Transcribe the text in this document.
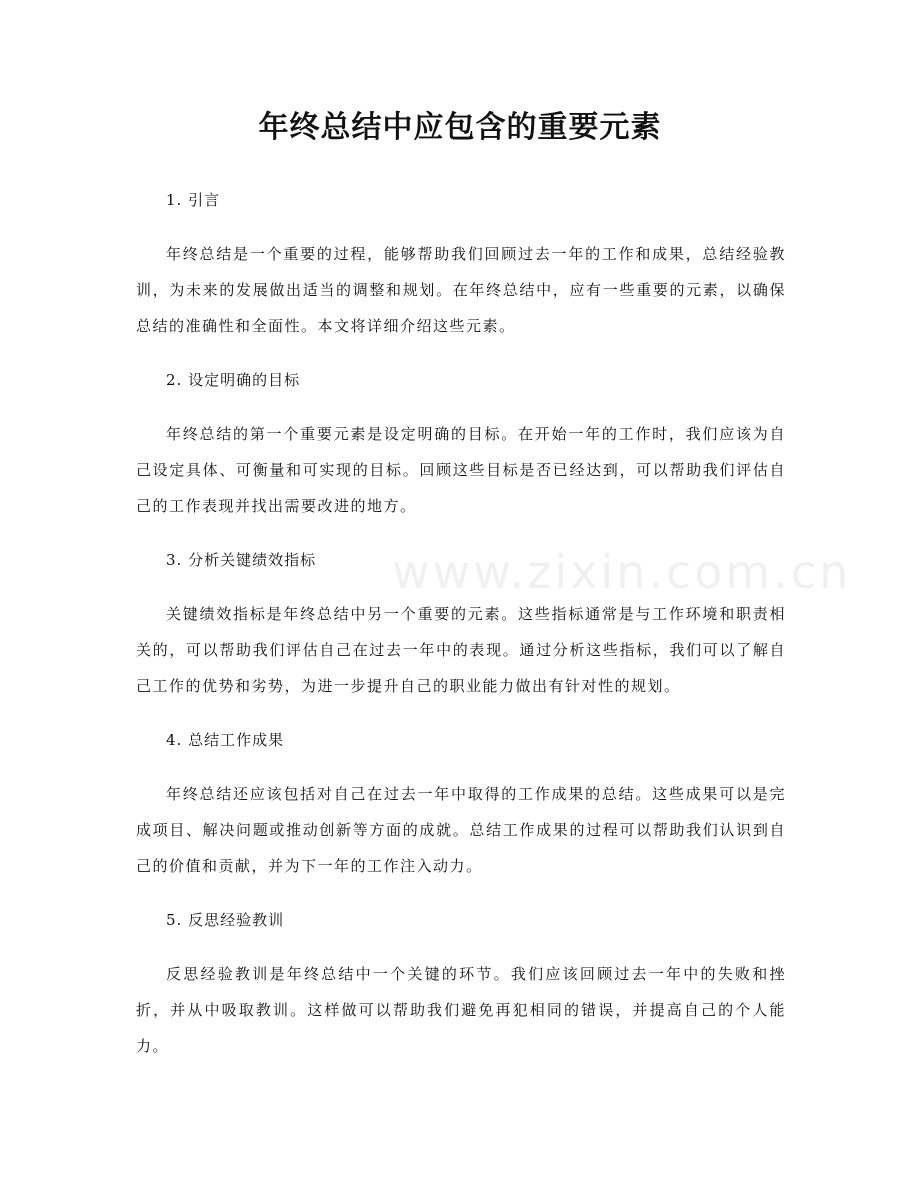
www.zixin.com.cn
年终总结中应包含的重要元素

1. 引言

年终总结是一个重要的过程，能够帮助我们回顾过去一年的工作和成果，总结经验教训，为未来的发展做出适当的调整和规划。在年终总结中，应有一些重要的元素，以确保总结的准确性和全面性。本文将详细介绍这些元素。

2. 设定明确的目标

年终总结的第一个重要元素是设定明确的目标。在开始一年的工作时，我们应该为自己设定具体、可衡量和可实现的目标。回顾这些目标是否已经达到，可以帮助我们评估自己的工作表现并找出需要改进的地方。

3. 分析关键绩效指标

关键绩效指标是年终总结中另一个重要的元素。这些指标通常是与工作环境和职责相关的，可以帮助我们评估自己在过去一年中的表现。通过分析这些指标，我们可以了解自己工作的优势和劣势，为进一步提升自己的职业能力做出有针对性的规划。

4. 总结工作成果

年终总结还应该包括对自己在过去一年中取得的工作成果的总结。这些成果可以是完成项目、解决问题或推动创新等方面的成就。总结工作成果的过程可以帮助我们认识到自己的价值和贡献，并为下一年的工作注入动力。

5. 反思经验教训

反思经验教训是年终总结中一个关键的环节。我们应该回顾过去一年中的失败和挫折，并从中吸取教训。这样做可以帮助我们避免再犯相同的错误，并提高自己的个人能力。
